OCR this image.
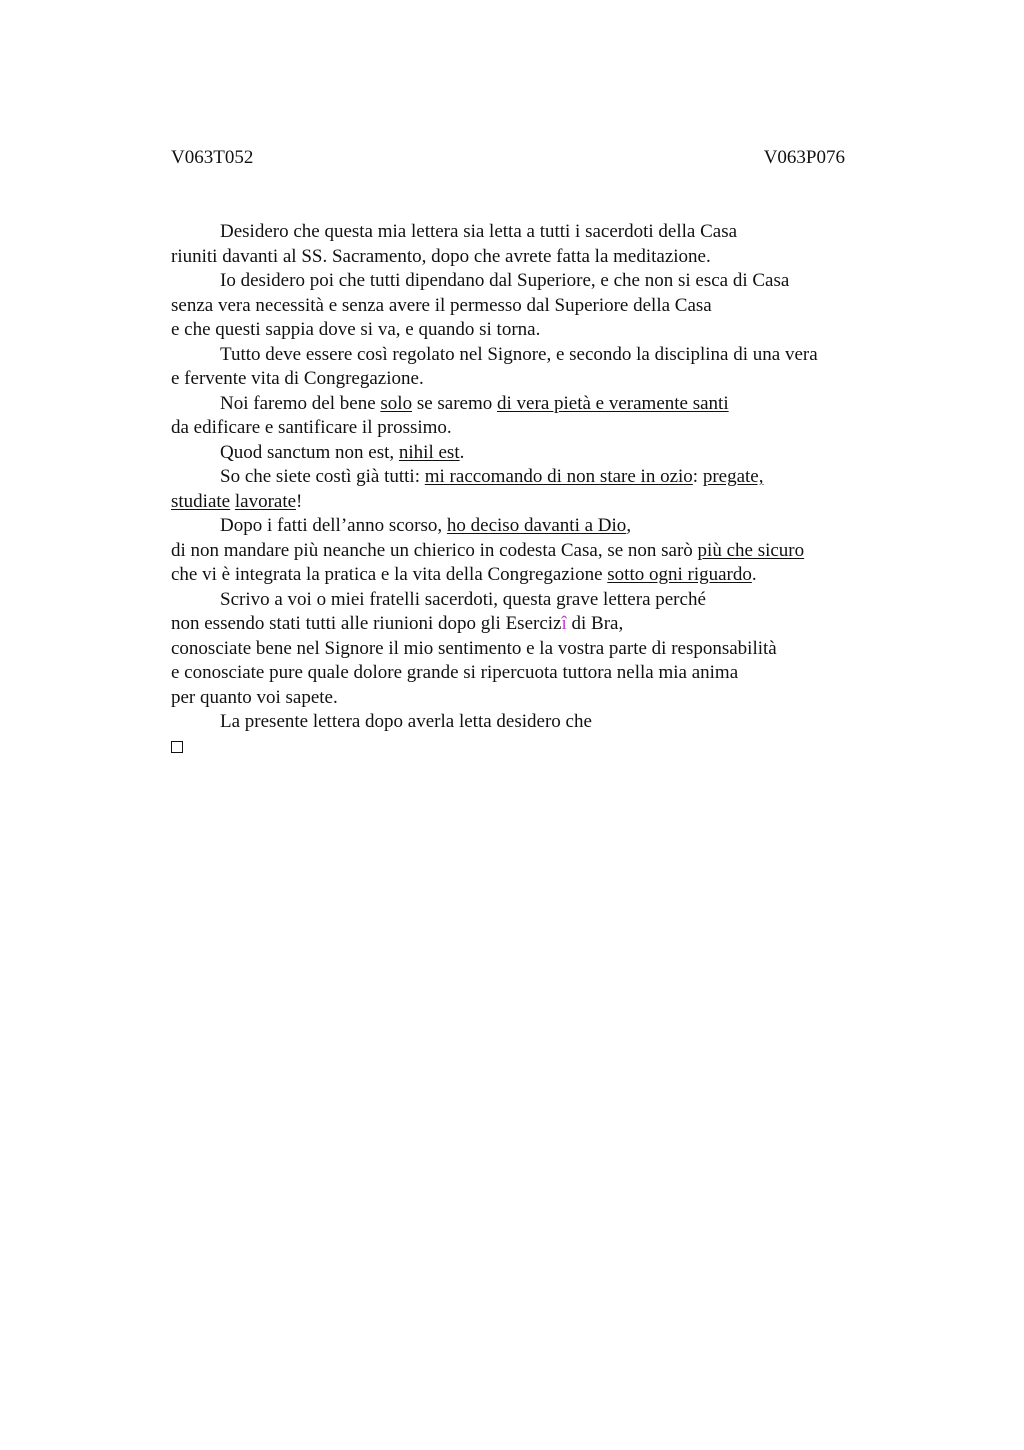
V063T052	V063P076
Desidero che questa mia lettera sia letta a tutti i sacerdoti della Casa
riuniti davanti al SS. Sacramento, dopo che avrete fatta la meditazione.
Io desidero poi che tutti dipendano dal Superiore, e che non si esca di Casa
senza vera necessità e senza avere il permesso dal Superiore della Casa
e che questi sappia dove si va, e quando si torna.
Tutto deve essere così regolato nel Signore, e secondo la disciplina di una vera
e fervente vita di Congregazione.
Noi faremo del bene solo se saremo di vera pietà e veramente santi
da edificare e santificare il prossimo.
Quod sanctum non est, nihil est.
So che siete costì già tutti: mi raccomando di non stare in ozio: pregate,
studiate lavorate!
Dopo i fatti dell’anno scorso, ho deciso davanti a Dio,
di non mandare più neanche un chierico in codesta Casa, se non sarò più che sicuro
che vi è integrata la pratica e la vita della Congregazione sotto ogni riguardo.
Scrivo a voi o miei fratelli sacerdoti, questa grave lettera perché
non essendo stati tutti alle riunioni dopo gli Esercizî di Bra,
conosciate bene nel Signore il mio sentimento e la vostra parte di responsabilità
e conosciate pure quale dolore grande si ripercuota tuttora nella mia anima
per quanto voi sapete.
La presente lettera dopo averla letta desidero che
